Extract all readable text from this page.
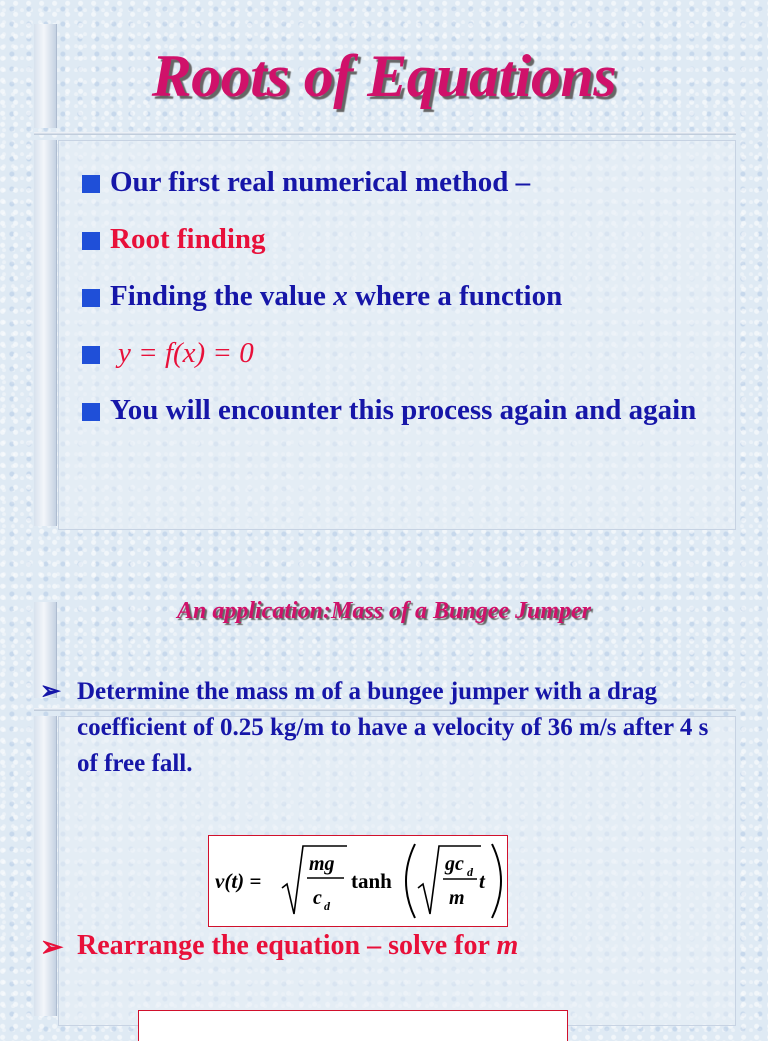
Roots of Equations
Our first real numerical method –
Root finding
Finding the value x where a function
y = f(x) = 0
You will encounter this process again and again
An application:Mass of a Bungee Jumper
➢ Determine the mass m of a bungee jumper with a drag coefficient of 0.25 kg/m to have a velocity of 36 m/s after 4 s of free fall.
v(t) =
mg
c d
tanh
gc d
m
t
➢ Rearrange the equation – solve for m
